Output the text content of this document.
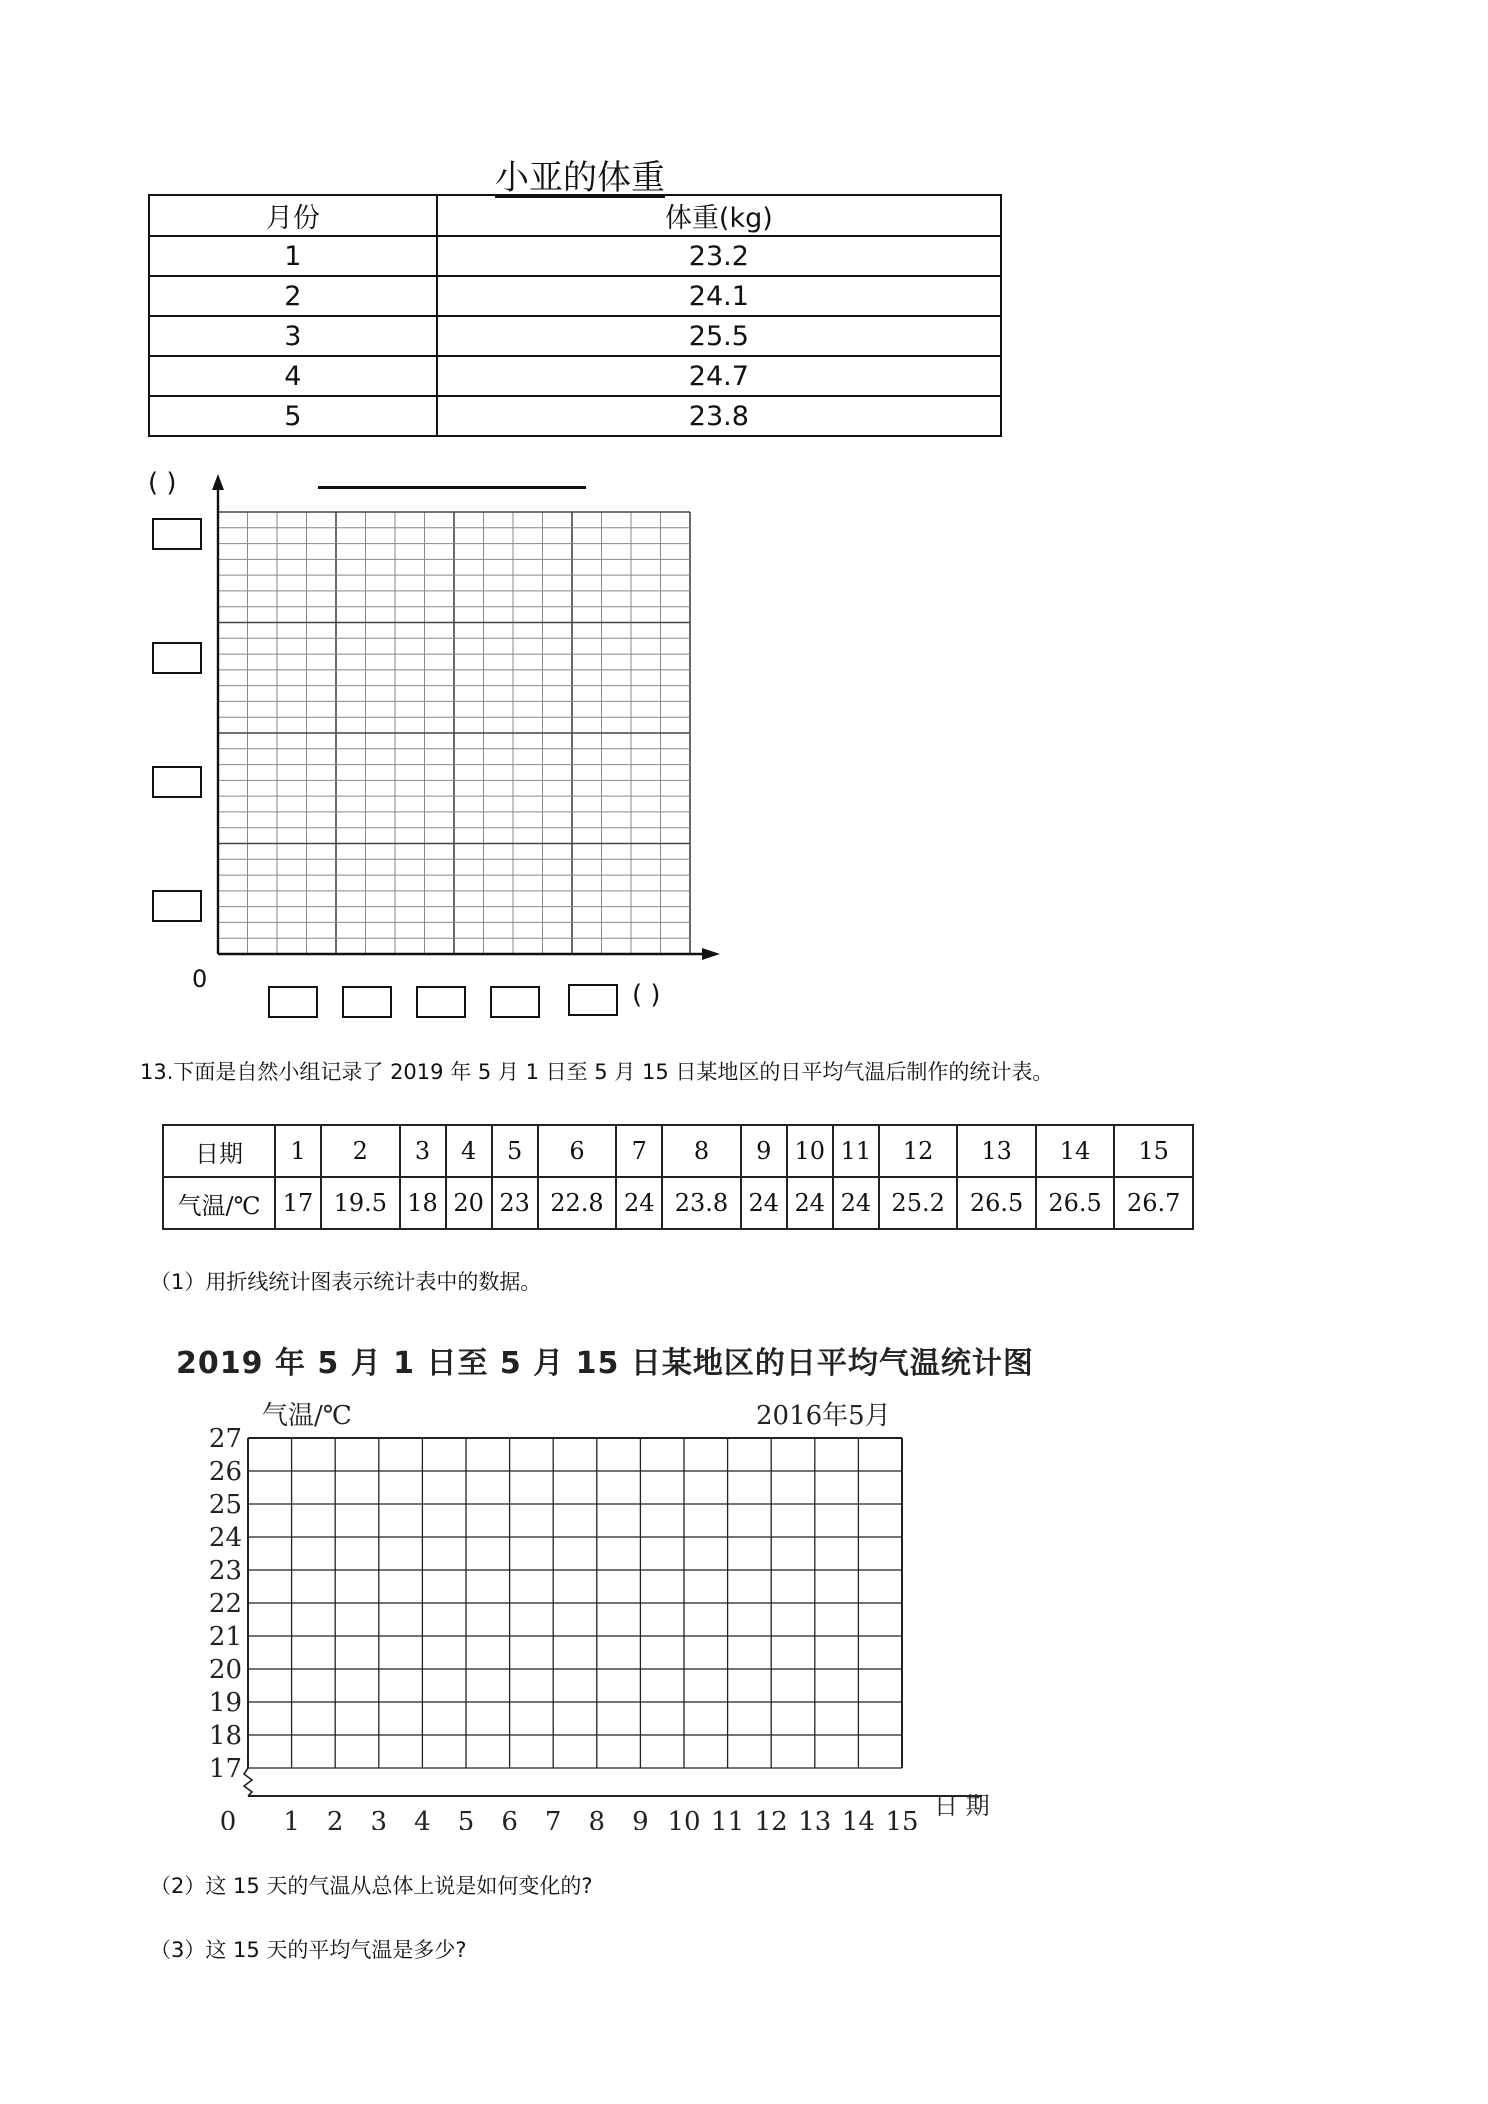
小亚的体重
月份	体重(kg)
1	23.2
2	24.1
3	25.5
4	24.7
5	23.8
( )
0
( )
13.下面是自然小组记录了 2019 年 5 月 1 日至 5 月 15 日某地区的日平均气温后制作的统计表。
日期	1	2	3	4	5	6	7	8	9	10	11	12	13	14	15
气温/℃	17	19.5	18	20	23	22.8	24	23.8	24	24	24	25.2	26.5	26.5	26.7
（1）用折线统计图表示统计表中的数据。
2019 年 5 月 1 日至 5 月 15 日某地区的日平均气温统计图
气温/℃	2016年5月
日 期
27
26
25
24
23
22
21
20
19
18
17
0 1 2 3 4 5 6 7 8 9 10 11 12 13 14 15
（2）这 15 天的气温从总体上说是如何变化的?
（3）这 15 天的平均气温是多少?
